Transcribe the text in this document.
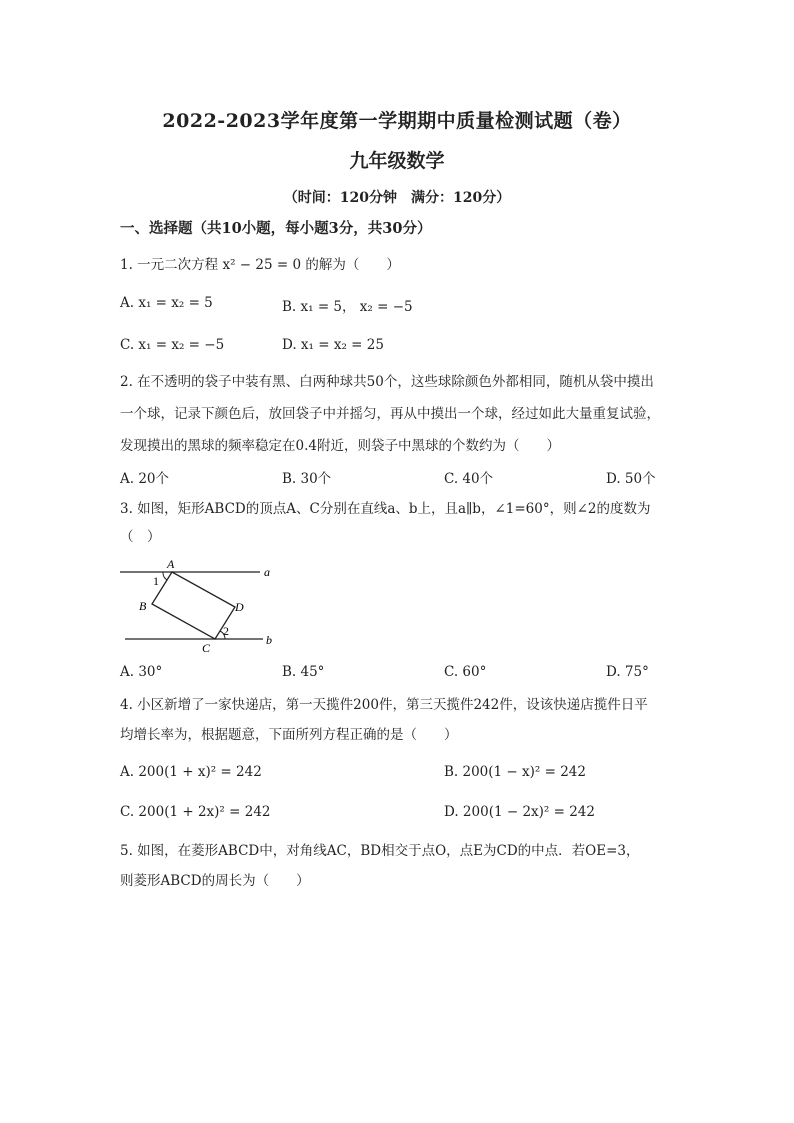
2022-2023学年度第一学期期中质量检测试题（卷）
九年级数学
（时间：120分钟　满分：120分）
一、选择题（共10小题，每小题3分，共30分）
1. 一元二次方程 x² − 25 = 0 的解为（　　）
A. x₁ = x₂ = 5	B. x₁ = 5， x₂ = −5
C. x₁ = x₂ = −5	D. x₁ = x₂ = 25
2. 在不透明的袋子中装有黑、白两种球共50个，这些球除颜色外都相同，随机从袋中摸出
一个球，记录下颜色后，放回袋子中并摇匀，再从中摸出一个球，经过如此大量重复试验，
发现摸出的黑球的频率稳定在0.4附近，则袋子中黑球的个数约为（　　）
A. 20个	B. 30个	C. 40个	D. 50个
3. 如图，矩形ABCD的顶点A、C分别在直线a、b上，且a∥b，∠1=60°，则∠2的度数为
（　）
A
B
C
D
a
b
1
2
A. 30°	B. 45°	C. 60°	D. 75°
4. 小区新增了一家快递店，第一天揽件200件，第三天揽件242件，设该快递店揽件日平
均增长率为，根据题意，下面所列方程正确的是（　　）
A. 200(1 + x)² = 242	B. 200(1 − x)² = 242
C. 200(1 + 2x)² = 242	D. 200(1 − 2x)² = 242
5. 如图，在菱形ABCD中，对角线AC，BD相交于点O，点E为CD的中点．若OE=3，
则菱形ABCD的周长为（　　）
